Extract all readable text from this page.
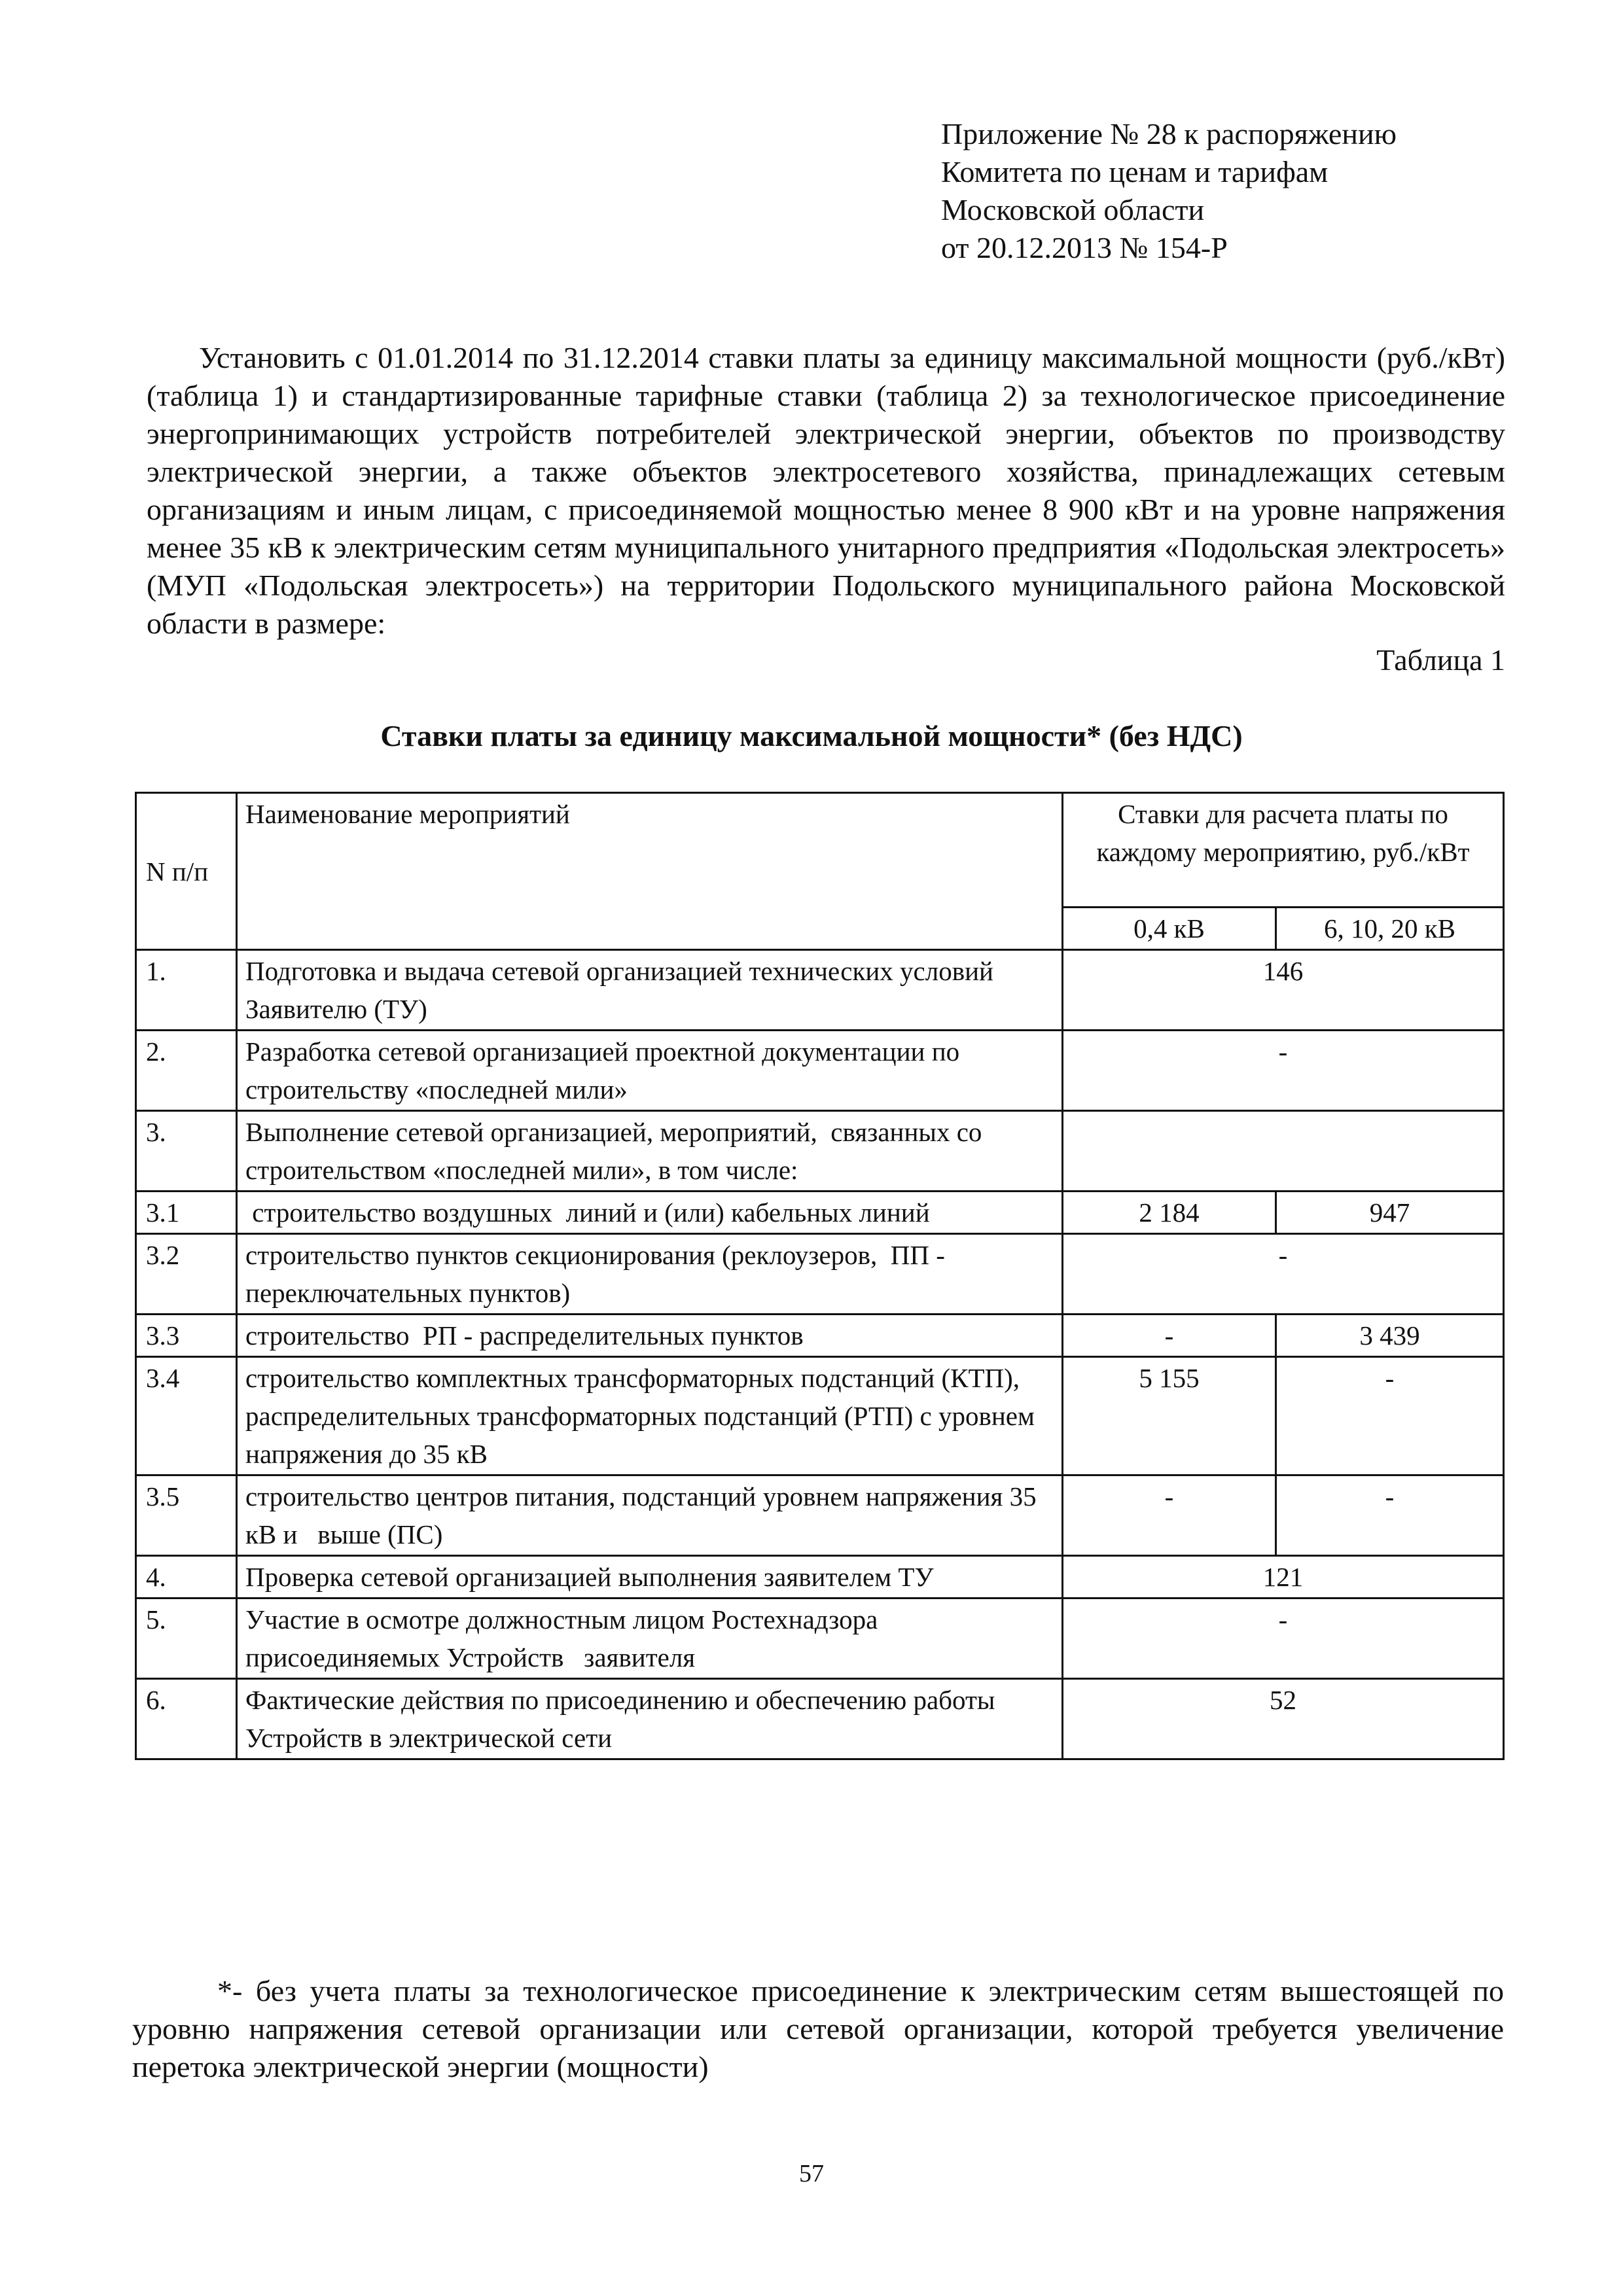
Приложение № 28 к распоряжению
Комитета по ценам и тарифам
Московской области
от 20.12.2013 № 154-Р

Установить с 01.01.2014 по 31.12.2014 ставки платы за единицу максимальной мощности (руб./кВт) (таблица 1) и стандартизированные тарифные ставки (таблица 2) за технологическое присоединение энергопринимающих устройств потребителей электрической энергии, объектов по производству электрической энергии, а также объектов электросетевого хозяйства, принадлежащих сетевым организациям и иным лицам, с присоединяемой мощностью менее 8 900 кВт и на уровне напряжения менее 35 кВ к электрическим сетям муниципального унитарного предприятия «Подольская электросеть» (МУП «Подольская электросеть») на территории Подольского муниципального района Московской области в размере:

Таблица 1
Ставки платы за единицу максимальной мощности* (без НДС)
N п/п	Наименование мероприятий	Ставки для расчета платы по каждому мероприятию, руб./кВт	
		0,4 кВ	6, 10, 20 кВ
1.	Подготовка и выдача сетевой организацией технических условий  Заявителю (ТУ)	146	
2.	Разработка сетевой организацией проектной документации по строительству «последней мили»	-	
3.	Выполнение сетевой организацией, мероприятий,  связанных со строительством «последней мили», в том числе:		
3.1	строительство воздушных  линий и (или) кабельных линий	2 184	947
3.2	строительство пунктов секционирования (реклоузеров,  ПП - переключательных пунктов)	-	
3.3	строительство  РП - распределительных пунктов	-	3 439
3.4	строительство комплектных трансформаторных подстанций (КТП), распределительных трансформаторных подстанций (РТП) с уровнем напряжения до 35 кВ	5 155	-
3.5	строительство центров питания, подстанций уровнем напряжения 35 кВ и   выше (ПС)	-	-
4.	Проверка сетевой организацией выполнения заявителем ТУ	121	
5.	Участие в осмотре должностным лицом Ростехнадзора присоединяемых Устройств   заявителя	-	
6.	Фактические действия по присоединению и обеспечению работы Устройств в электрической сети	52	

*- без учета платы за технологическое присоединение к электрическим сетям вышестоящей по уровню напряжения сетевой организации или сетевой организации, которой требуется увеличение перетока электрической энергии (мощности)

57
